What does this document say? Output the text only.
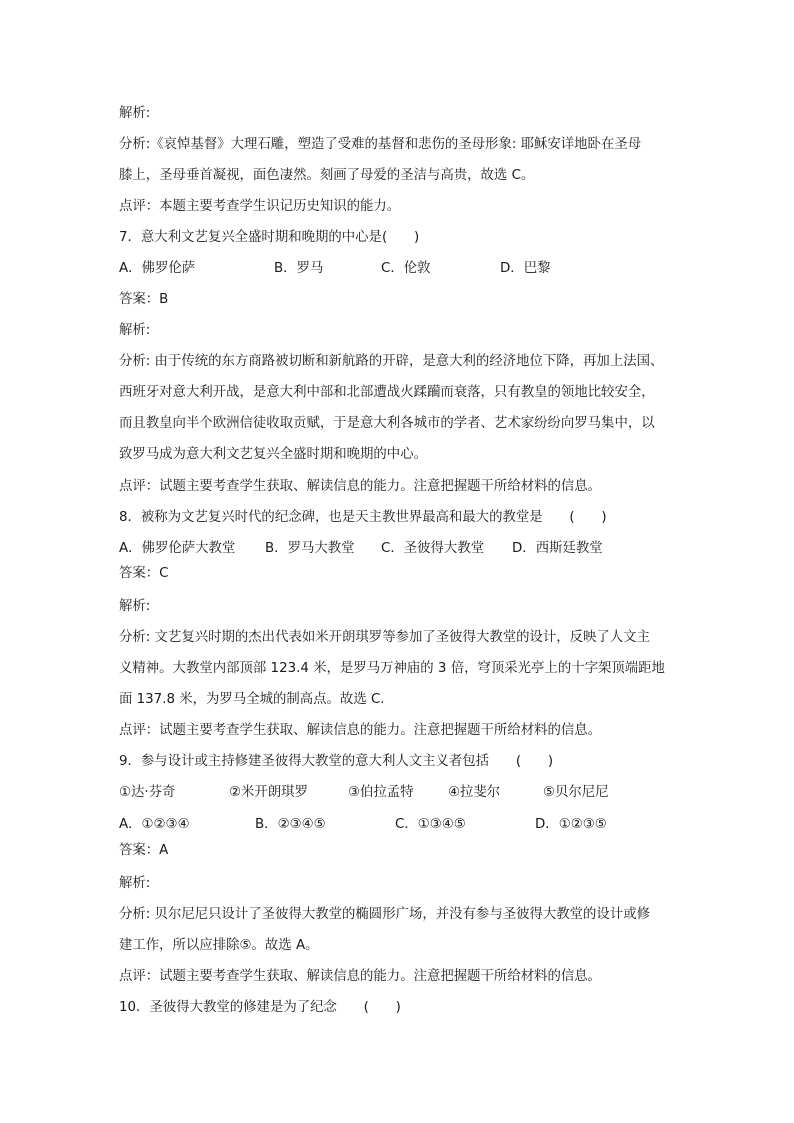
解析:
分析:《哀悼基督》大理石雕，塑造了受难的基督和悲伤的圣母形象: 耶稣安详地卧在圣母
膝上，圣母垂首凝视，面色凄然。刻画了母爱的圣洁与高贵，故选 C。
点评：本题主要考查学生识记历史知识的能力。
7．意大利文艺复兴全盛时期和晚期的中心是(　　)
A．佛罗伦萨	B．罗马	C．伦敦	D．巴黎
答案：B
解析:
分析: 由于传统的东方商路被切断和新航路的开辟，是意大利的经济地位下降，再加上法国、
西班牙对意大利开战，是意大利中部和北部遭战火蹂躏而衰落，只有教皇的领地比较安全，
而且教皇向半个欧洲信徒收取贡赋，于是意大利各城市的学者、艺术家纷纷向罗马集中，以
致罗马成为意大利文艺复兴全盛时期和晚期的中心。
点评：试题主要考查学生获取、解读信息的能力。注意把握题干所给材料的信息。
8．被称为文艺复兴时代的纪念碑，也是天主教世界最高和最大的教堂是　　(　　)
A．佛罗伦萨大教堂 B．罗马大教堂 C．圣彼得大教堂 D．西斯廷教堂
答案：C
解析:
分析: 文艺复兴时期的杰出代表如米开朗琪罗等参加了圣彼得大教堂的设计，反映了人文主
义精神。大教堂内部顶部 123.4 米，是罗马万神庙的 3 倍，穹顶采光亭上的十字架顶端距地
面 137.8 米，为罗马全城的制高点。故选 C.
点评：试题主要考查学生获取、解读信息的能力。注意把握题干所给材料的信息。
9．参与设计或主持修建圣彼得大教堂的意大利人文主义者包括　　(　　)
①达·芬奇	②米开朗琪罗	③伯拉孟特	④拉斐尔	⑤贝尔尼尼
A．①②③④	B．②③④⑤	C．①③④⑤	D．①②③⑤
答案：A
解析:
分析: 贝尔尼尼只设计了圣彼得大教堂的椭圆形广场，并没有参与圣彼得大教堂的设计或修
建工作，所以应排除⑤。故选 A。
点评：试题主要考查学生获取、解读信息的能力。注意把握题干所给材料的信息。
10．圣彼得大教堂的修建是为了纪念　　(　　)
